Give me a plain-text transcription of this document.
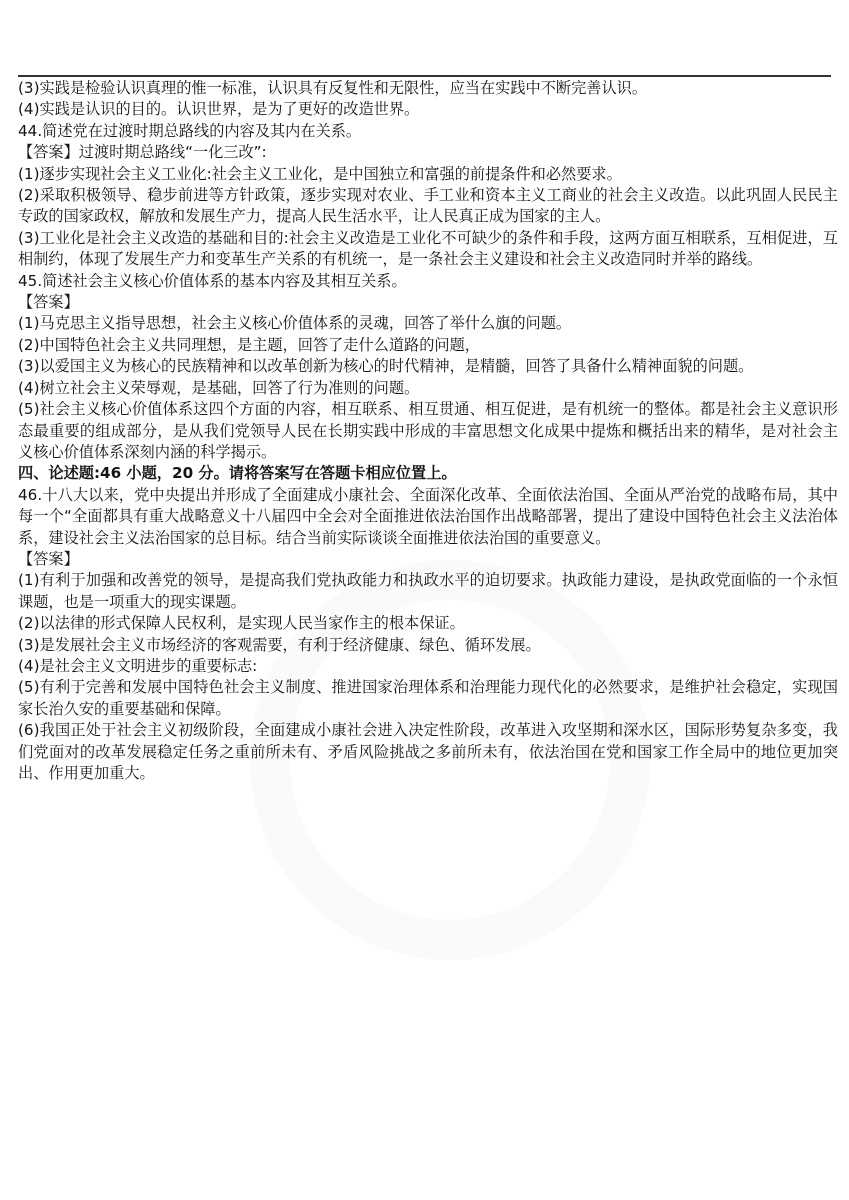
(3)实践是检验认识真理的惟一标准，认识具有反复性和无限性，应当在实践中不断完善认识。

(4)实践是认识的目的。认识世界，是为了更好的改造世界。

44.简述党在过渡时期总路线的内容及其内在关系。

【答案】过渡时期总路线“一化三改”:

(1)逐步实现社会主义工业化:社会主义工业化，是中国独立和富强的前提条件和必然要求。

(2)采取积极领导、稳步前进等方针政策，逐步实现对农业、手工业和资本主义工商业的社会主义改造。以此巩固人民民主专政的国家政权，解放和发展生产力，提高人民生活水平，让人民真正成为国家的主人。

(3)工业化是社会主义改造的基础和目的:社会主义改造是工业化不可缺少的条件和手段，这两方面互相联系，互相促进，互相制约，体现了发展生产力和变革生产关系的有机统一，是一条社会主义建设和社会主义改造同时并举的路线。

45.简述社会主义核心价值体系的基本内容及其相互关系。

【答案】

(1)马克思主义指导思想，社会主义核心价值体系的灵魂，回答了举什么旗的问题。

(2)中国特色社会主义共同理想，是主题，回答了走什么道路的问题，

(3)以爱国主义为核心的民族精神和以改革创新为核心的时代精神，是精髓，回答了具备什么精神面貌的问题。

(4)树立社会主义荣辱观，是基础，回答了行为准则的问题。

(5)社会主义核心价值体系这四个方面的内容，相互联系、相互贯通、相互促进，是有机统一的整体。都是社会主义意识形态最重要的组成部分，是从我们党领导人民在长期实践中形成的丰富思想文化成果中提炼和概括出来的精华，是对社会主义核心价值体系深刻内涵的科学揭示。

四、论述题:46 小题，20 分。请将答案写在答题卡相应位置上。

46.十八大以来，党中央提出并形成了全面建成小康社会、全面深化改革、全面依法治国、全面从严治党的战略布局，其中每一个“全面都具有重大战略意义十八届四中全会对全面推进依法治国作出战略部署，提出了建设中国特色社会主义法治体系，建设社会主义法治国家的总目标。结合当前实际谈谈全面推进依法治国的重要意义。

【答案】

(1)有利于加强和改善党的领导，是提高我们党执政能力和执政水平的迫切要求。执政能力建设，是执政党面临的一个永恒课题，也是一项重大的现实课题。

(2)以法律的形式保障人民权利，是实现人民当家作主的根本保证。

(3)是发展社会主义市场经济的客观需要，有利于经济健康、绿色、循环发展。

(4)是社会主义文明进步的重要标志:

(5)有利于完善和发展中国特色社会主义制度、推进国家治理体系和治理能力现代化的必然要求，是维护社会稳定，实现国家长治久安的重要基础和保障。

(6)我国正处于社会主义初级阶段，全面建成小康社会进入决定性阶段，改革进入攻坚期和深水区，国际形势复杂多变，我们党面对的改革发展稳定任务之重前所未有、矛盾风险挑战之多前所未有，依法治国在党和国家工作全局中的地位更加突出、作用更加重大。
